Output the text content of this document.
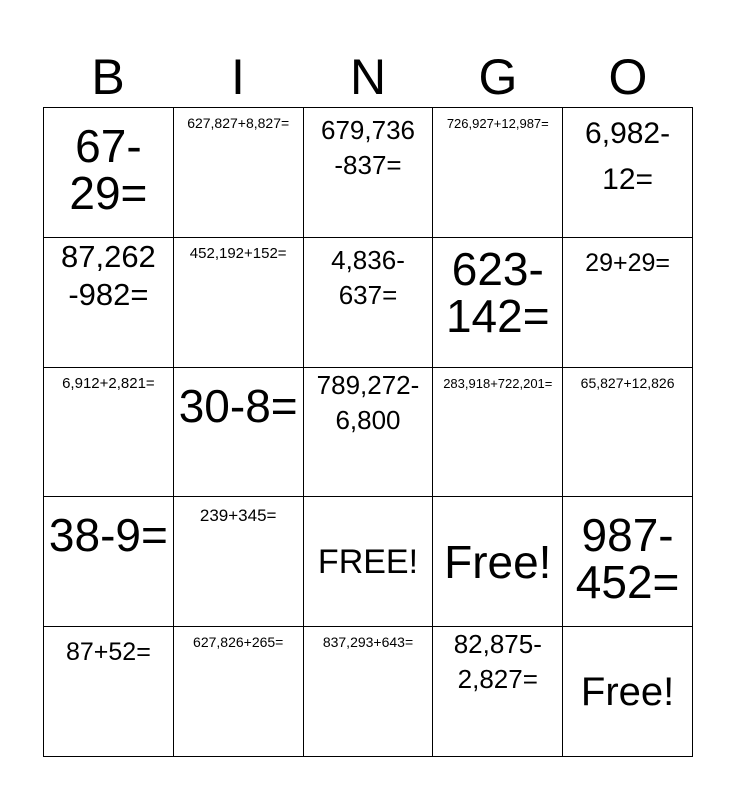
B	I	N	G	O
67-29=	627,827+8,827=	679,736 -837=	726,927+12,987=	6,982-12=

87,262 -982=	452,192+152=	4,836-637=	623-142=	29+29=

6,912+2,821=	30-8=	789,272-6,800	283,918+722,201=	65,827+12,826

38-9=	239+345=	FREE!	Free!	987-452=

87+52=	627,826+265=	837,293+643=	82,875-2,827=	Free!
